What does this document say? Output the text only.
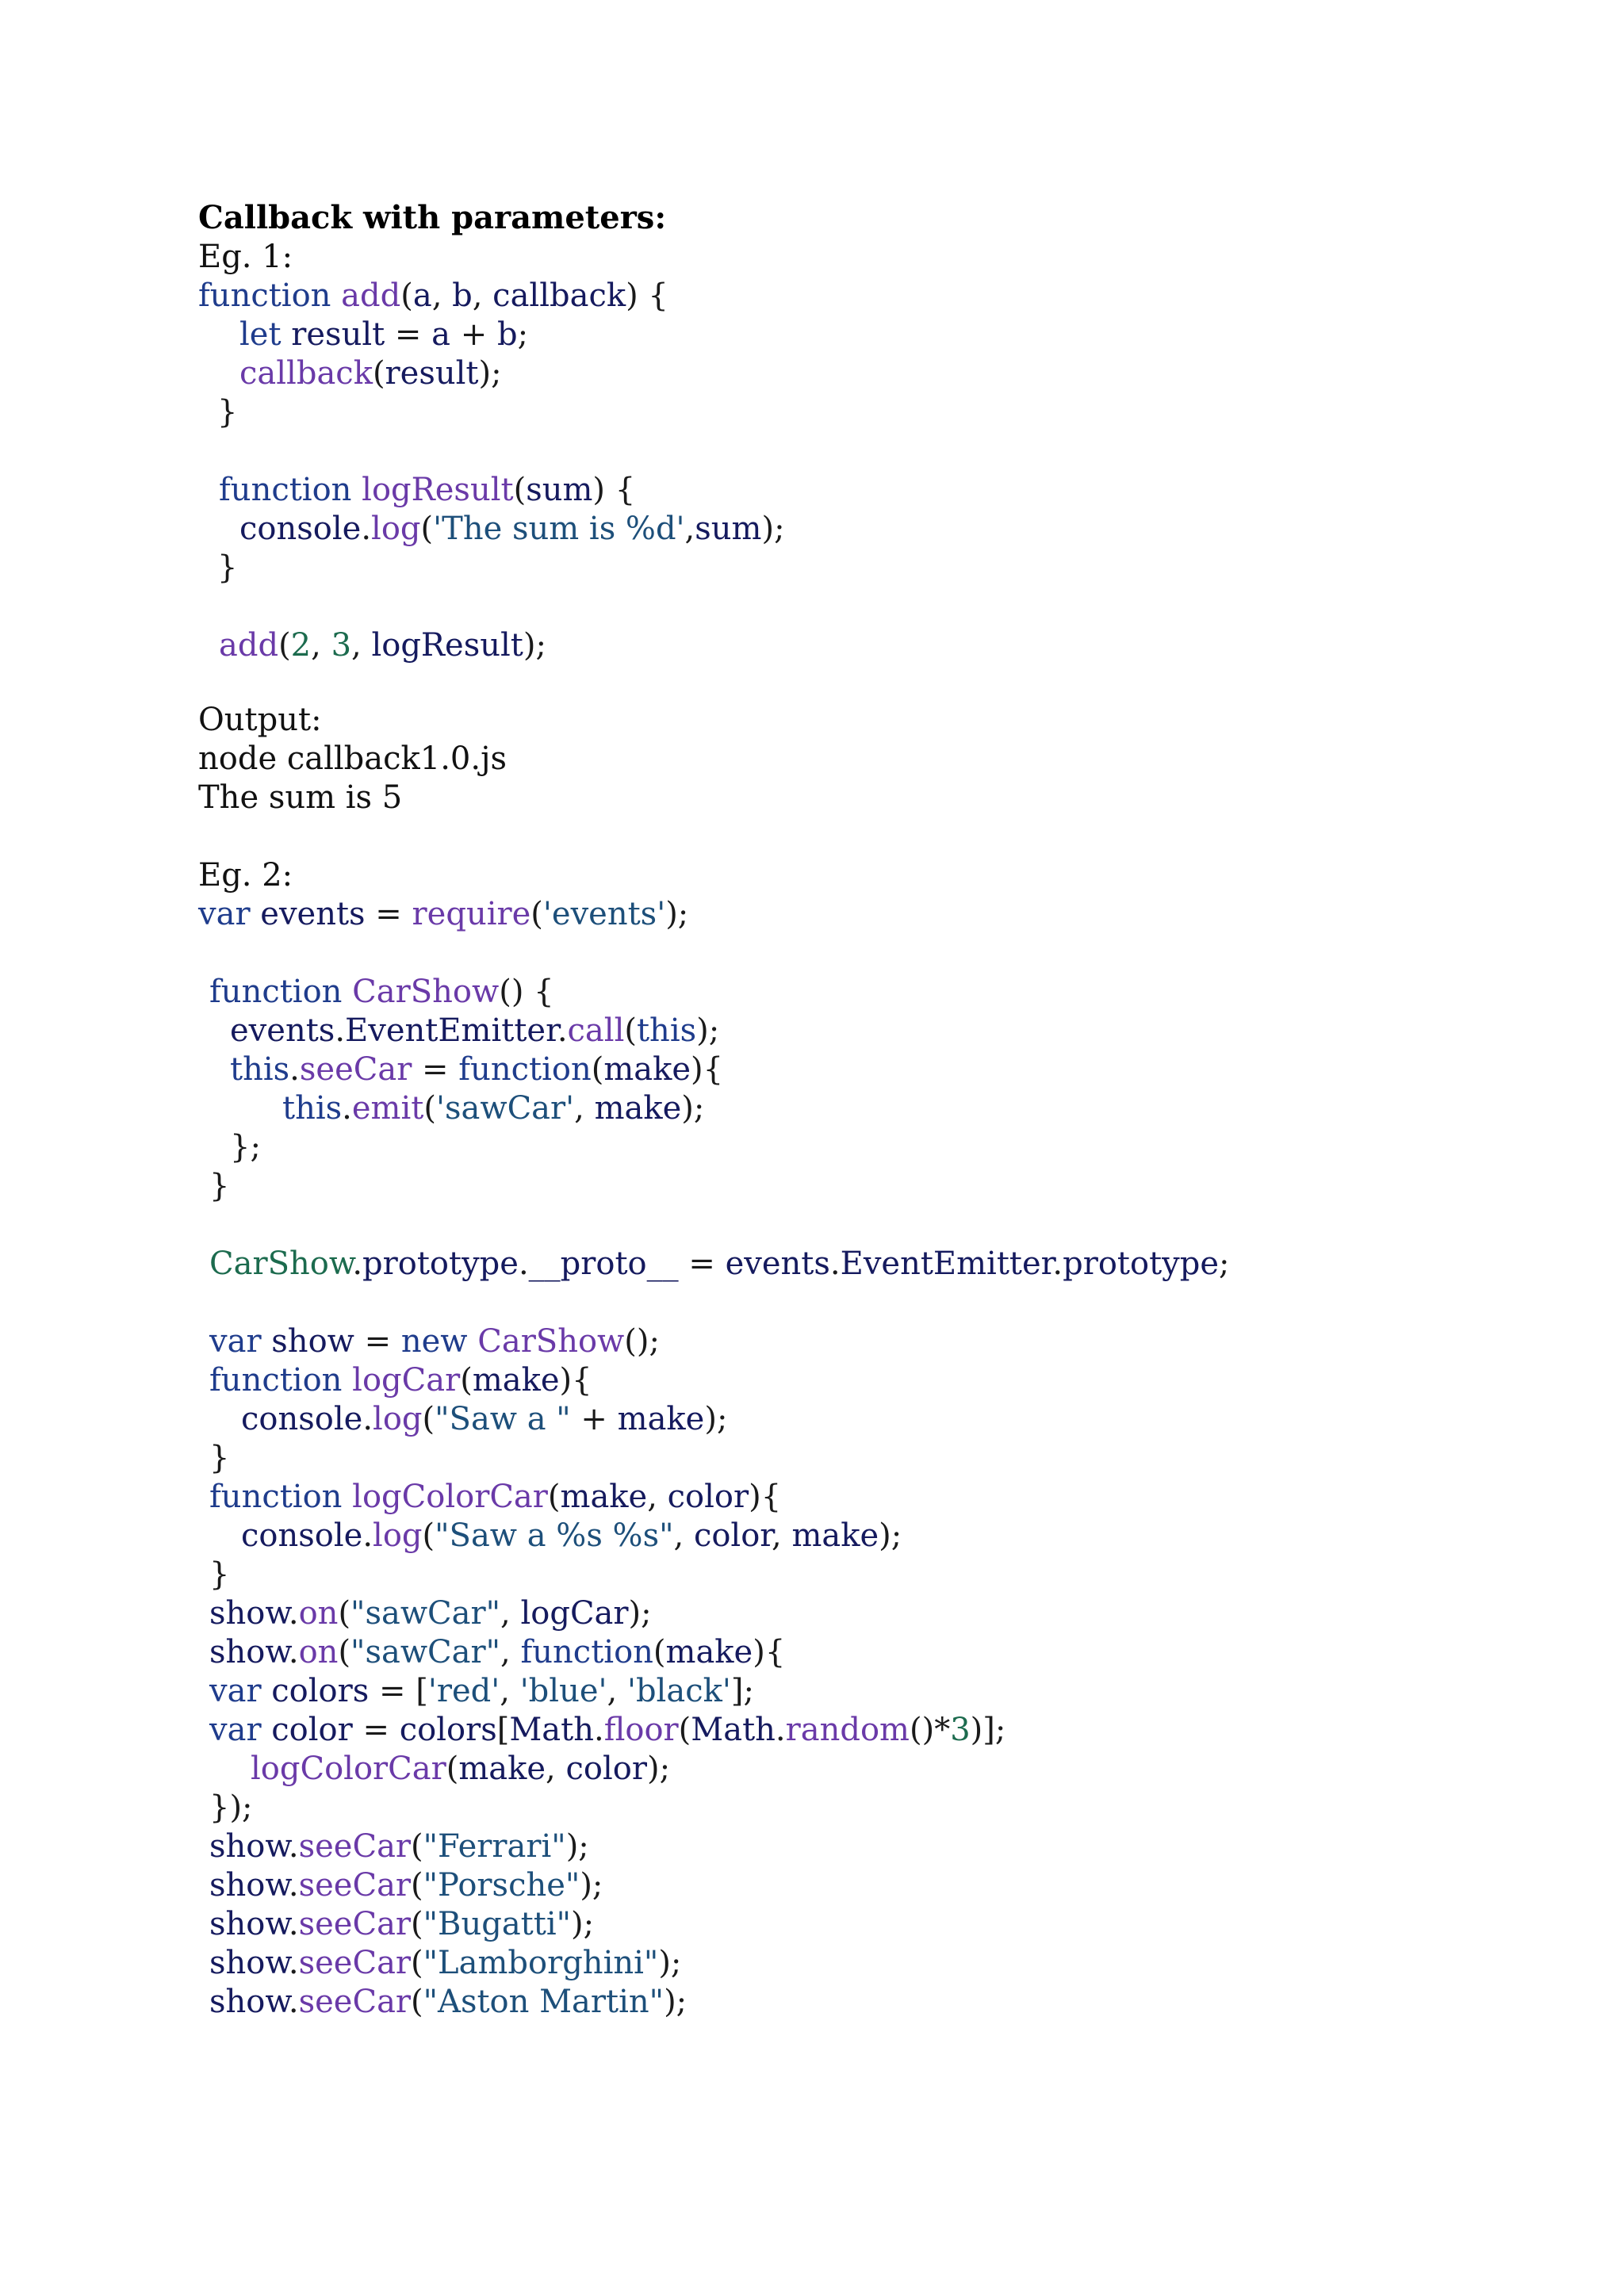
Callback with parameters:
Eg. 1:
function add(a, b, callback) {
let result = a + b;
callback(result);
}
function logResult(sum) {
console.log('The sum is %d',sum);
}
add(2, 3, logResult);
Output:
node callback1.0.js
The sum is 5
Eg. 2:
var events = require('events');
function CarShow() {
events.EventEmitter.call(this);
this.seeCar = function(make){
this.emit('sawCar', make);
};
}
CarShow.prototype.__proto__ = events.EventEmitter.prototype;
var show = new CarShow();
function logCar(make){
console.log("Saw a " + make);
}
function logColorCar(make, color){
console.log("Saw a %s %s", color, make);
}
show.on("sawCar", logCar);
show.on("sawCar", function(make){
var colors = ['red', 'blue', 'black'];
var color = colors[Math.floor(Math.random()*3)];
logColorCar(make, color);
});
show.seeCar("Ferrari");
show.seeCar("Porsche");
show.seeCar("Bugatti");
show.seeCar("Lamborghini");
show.seeCar("Aston Martin");
